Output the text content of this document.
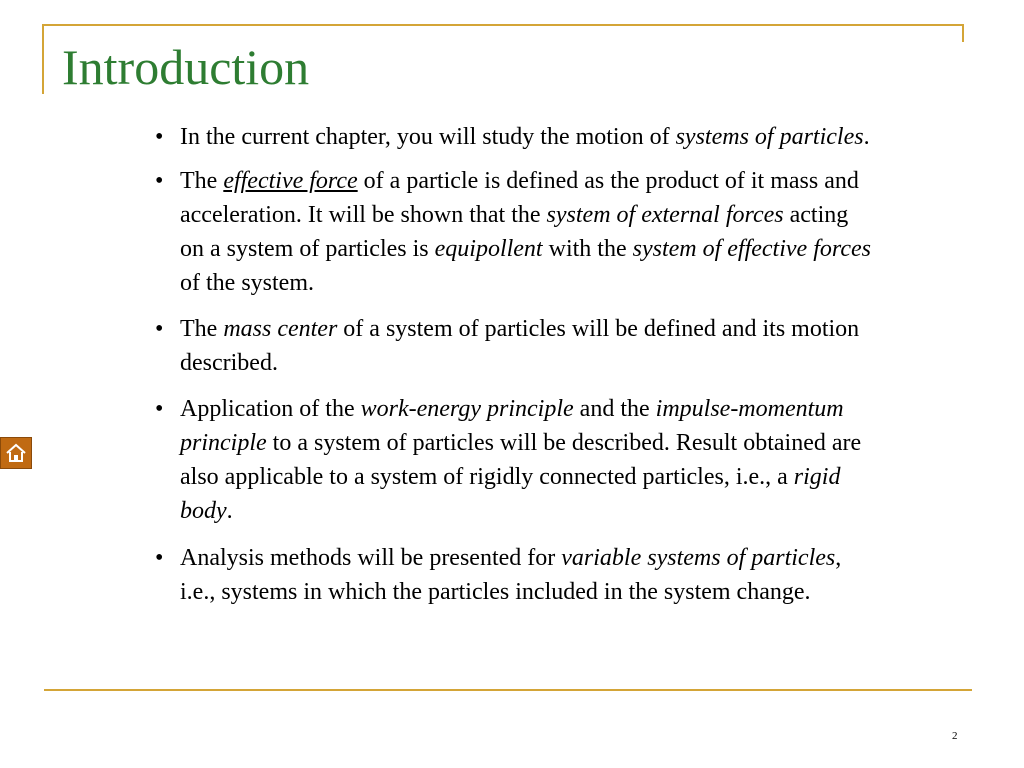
Introduction
• In the current chapter, you will study the motion of systems of particles.
• The effective force of a particle is defined as the product of it mass and acceleration. It will be shown that the system of external forces acting on a system of particles is equipollent with the system of effective forces of the system.
• The mass center of a system of particles will be defined and its motion described.
• Application of the work-energy principle and the impulse-momentum principle to a system of particles will be described. Result obtained are also applicable to a system of rigidly connected particles, i.e., a rigid body.
• Analysis methods will be presented for variable systems of particles, i.e., systems in which the particles included in the system change.
2
